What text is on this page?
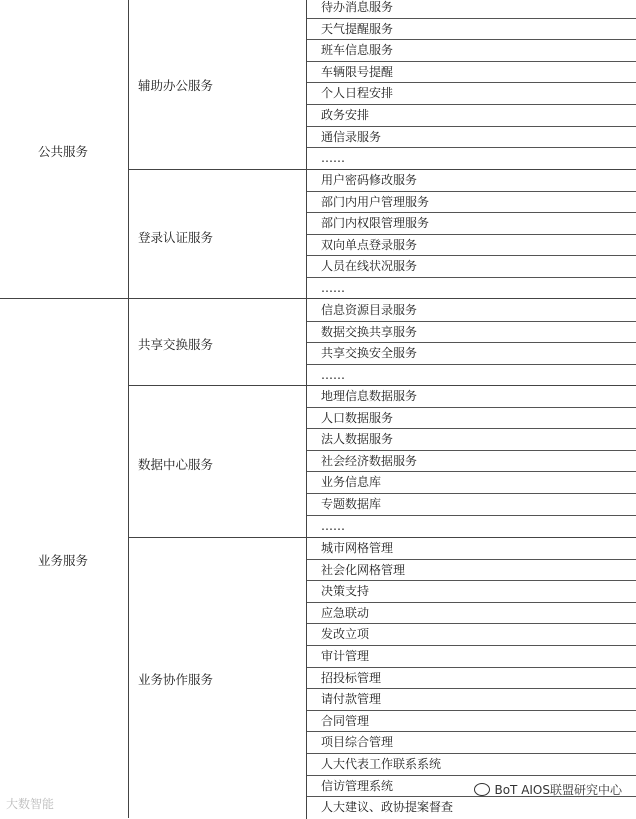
公共服务
辅助办公服务
待办消息服务
天气提醒服务
班车信息服务
车辆限号提醒
个人日程安排
政务安排
通信录服务
……
登录认证服务
用户密码修改服务
部门内用户管理服务
部门内权限管理服务
双向单点登录服务
人员在线状况服务
……
业务服务
共享交换服务
信息资源目录服务
数据交换共享服务
共享交换安全服务
……
数据中心服务
地理信息数据服务
人口数据服务
法人数据服务
社会经济数据服务
业务信息库
专题数据库
……
业务协作服务
城市网格管理
社会化网格管理
决策支持
应急联动
发改立项
审计管理
招投标管理
请付款管理
合同管理
项目综合管理
人大代表工作联系系统
信访管理系统
人大建议、政协提案督查
大数智能
BoT AIOS联盟研究中心
